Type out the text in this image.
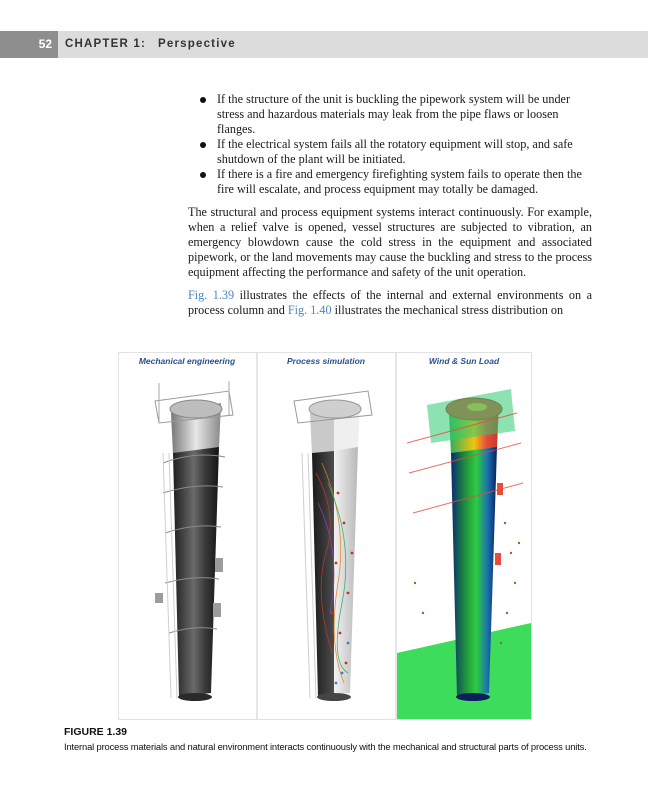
52	CHAPTER 1: Perspective
If the structure of the unit is buckling the pipework system will be under stress and hazardous materials may leak from the pipe flaws or loosen flanges.
If the electrical system fails all the rotatory equipment will stop, and safe shutdown of the plant will be initiated.
If there is a fire and emergency firefighting system fails to operate then the fire will escalate, and process equipment may totally be damaged.

The structural and process equipment systems interact continuously. For example, when a relief valve is opened, vessel structures are subjected to vibration, an emergency blowdown cause the cold stress in the equipment and associated pipework, or the land movements may cause the buckling and stress to the process equipment affecting the performance and safety of the unit operation.

Fig. 1.39 illustrates the effects of the internal and external environments on a process column and Fig. 1.40 illustrates the mechanical stress distribution on

Mechanical engineering	Process simulation	Wind & Sun Load
FIGURE 1.39
Internal process materials and natural environment interacts continuously with the mechanical and structural parts of process units.
